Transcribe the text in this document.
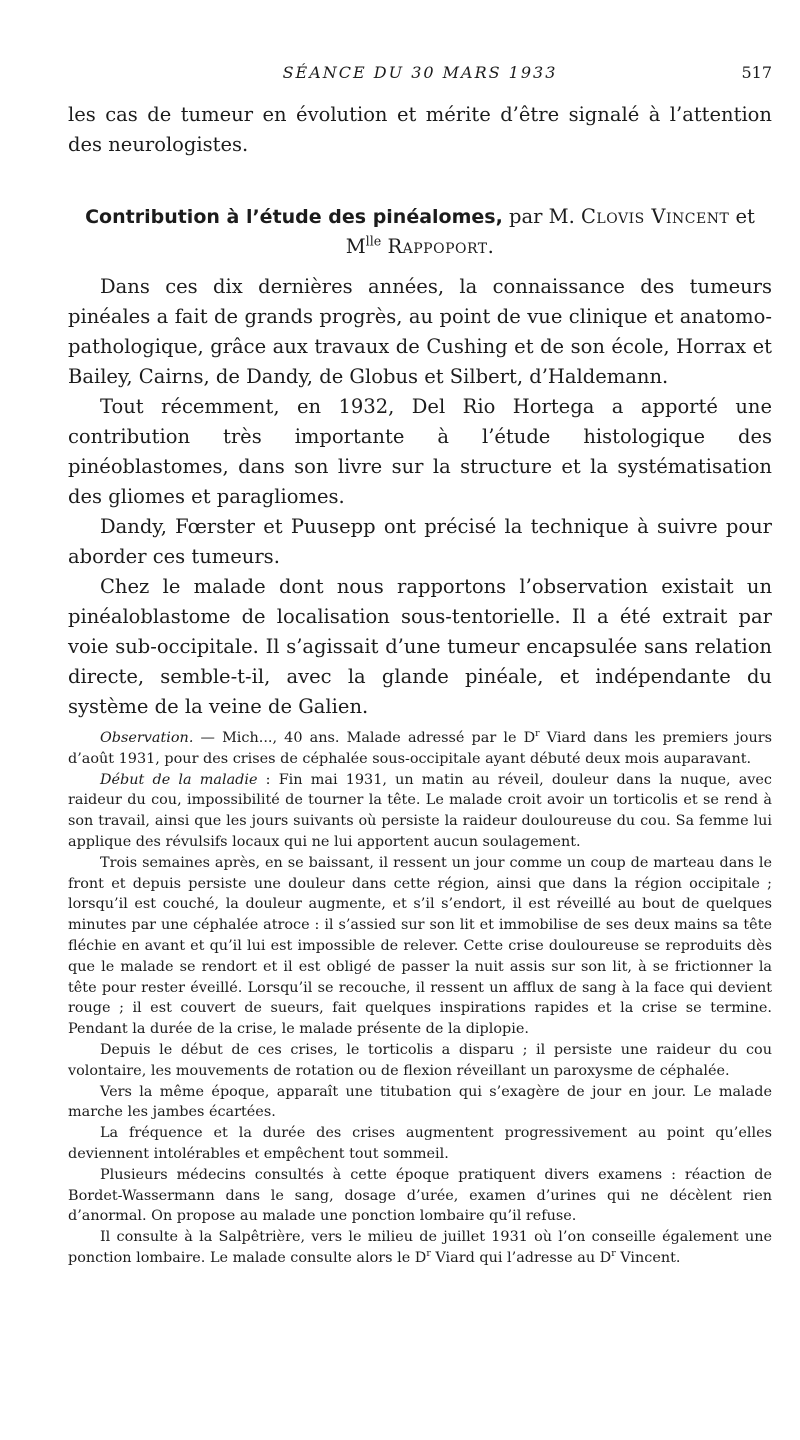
SÉANCE DU 30 MARS 1933	517

les cas de tumeur en évolution et mérite d’être signalé à l’attention des neurologistes.

Contribution à l’étude des pinéalomes, par M. Clovis Vincent et
$M^{lle}$ Rappoport.

Dans ces dix dernières années, la connaissance des tumeurs pinéales a fait de grands progrès, au point de vue clinique et anatomo-pathologique, grâce aux travaux de Cushing et de son école, Horrax et Bailey, Cairns, de Dandy, de Globus et Silbert, d’Haldemann.

Tout récemment, en 1932, Del Rio Hortega a apporté une contribution très importante à l’étude histologique des pinéoblastomes, dans son livre sur la structure et la systématisation des gliomes et paragliomes.

Dandy, Fœrster et Puusepp ont précisé la technique à suivre pour aborder ces tumeurs.

Chez le malade dont nous rapportons l’observation existait un pinéaloblastome de localisation sous-tentorielle. Il a été extrait par voie sub-occipitale. Il s’agissait d’une tumeur encapsulée sans relation directe, semble-t-il, avec la glande pinéale, et indépendante du système de la veine de Galien.

Observation. — Mich..., 40 ans. Malade adressé par le $D^r$ Viard dans les premiers jours d’août 1931, pour des crises de céphalée sous-occipitale ayant débuté deux mois auparavant.

Début de la maladie : Fin mai 1931, un matin au réveil, douleur dans la nuque, avec raideur du cou, impossibilité de tourner la tête. Le malade croit avoir un torticolis et se rend à son travail, ainsi que les jours suivants où persiste la raideur douloureuse du cou. Sa femme lui applique des révulsifs locaux qui ne lui apportent aucun soulagement.

Trois semaines après, en se baissant, il ressent un jour comme un coup de marteau dans le front et depuis persiste une douleur dans cette région, ainsi que dans la région occipitale ; lorsqu’il est couché, la douleur augmente, et s’il s’endort, il est réveillé au bout de quelques minutes par une céphalée atroce : il s’assied sur son lit et immobilise de ses deux mains sa tête fléchie en avant et qu’il lui est impossible de relever. Cette crise douloureuse se reproduits dès que le malade se rendort et il est obligé de passer la nuit assis sur son lit, à se frictionner la tête pour rester éveillé. Lorsqu’il se recouche, il ressent un afflux de sang à la face qui devient rouge ; il est couvert de sueurs, fait quelques inspirations rapides et la crise se termine. Pendant la durée de la crise, le malade présente de la diplopie.

Depuis le début de ces crises, le torticolis a disparu ; il persiste une raideur du cou volontaire, les mouvements de rotation ou de flexion réveillant un paroxysme de céphalée.

Vers la même époque, apparaît une titubation qui s’exagère de jour en jour. Le malade marche les jambes écartées.

La fréquence et la durée des crises augmentent progressivement au point qu’elles deviennent intolérables et empêchent tout sommeil.

Plusieurs médecins consultés à cette époque pratiquent divers examens : réaction de Bordet-Wassermann dans le sang, dosage d’urée, examen d’urines qui ne décèlent rien d’anormal. On propose au malade une ponction lombaire qu’il refuse.

Il consulte à la Salpêtrière, vers le milieu de juillet 1931 où l’on conseille également une ponction lombaire. Le malade consulte alors le $D^r$ Viard qui l’adresse au $D^r$ Vincent.
